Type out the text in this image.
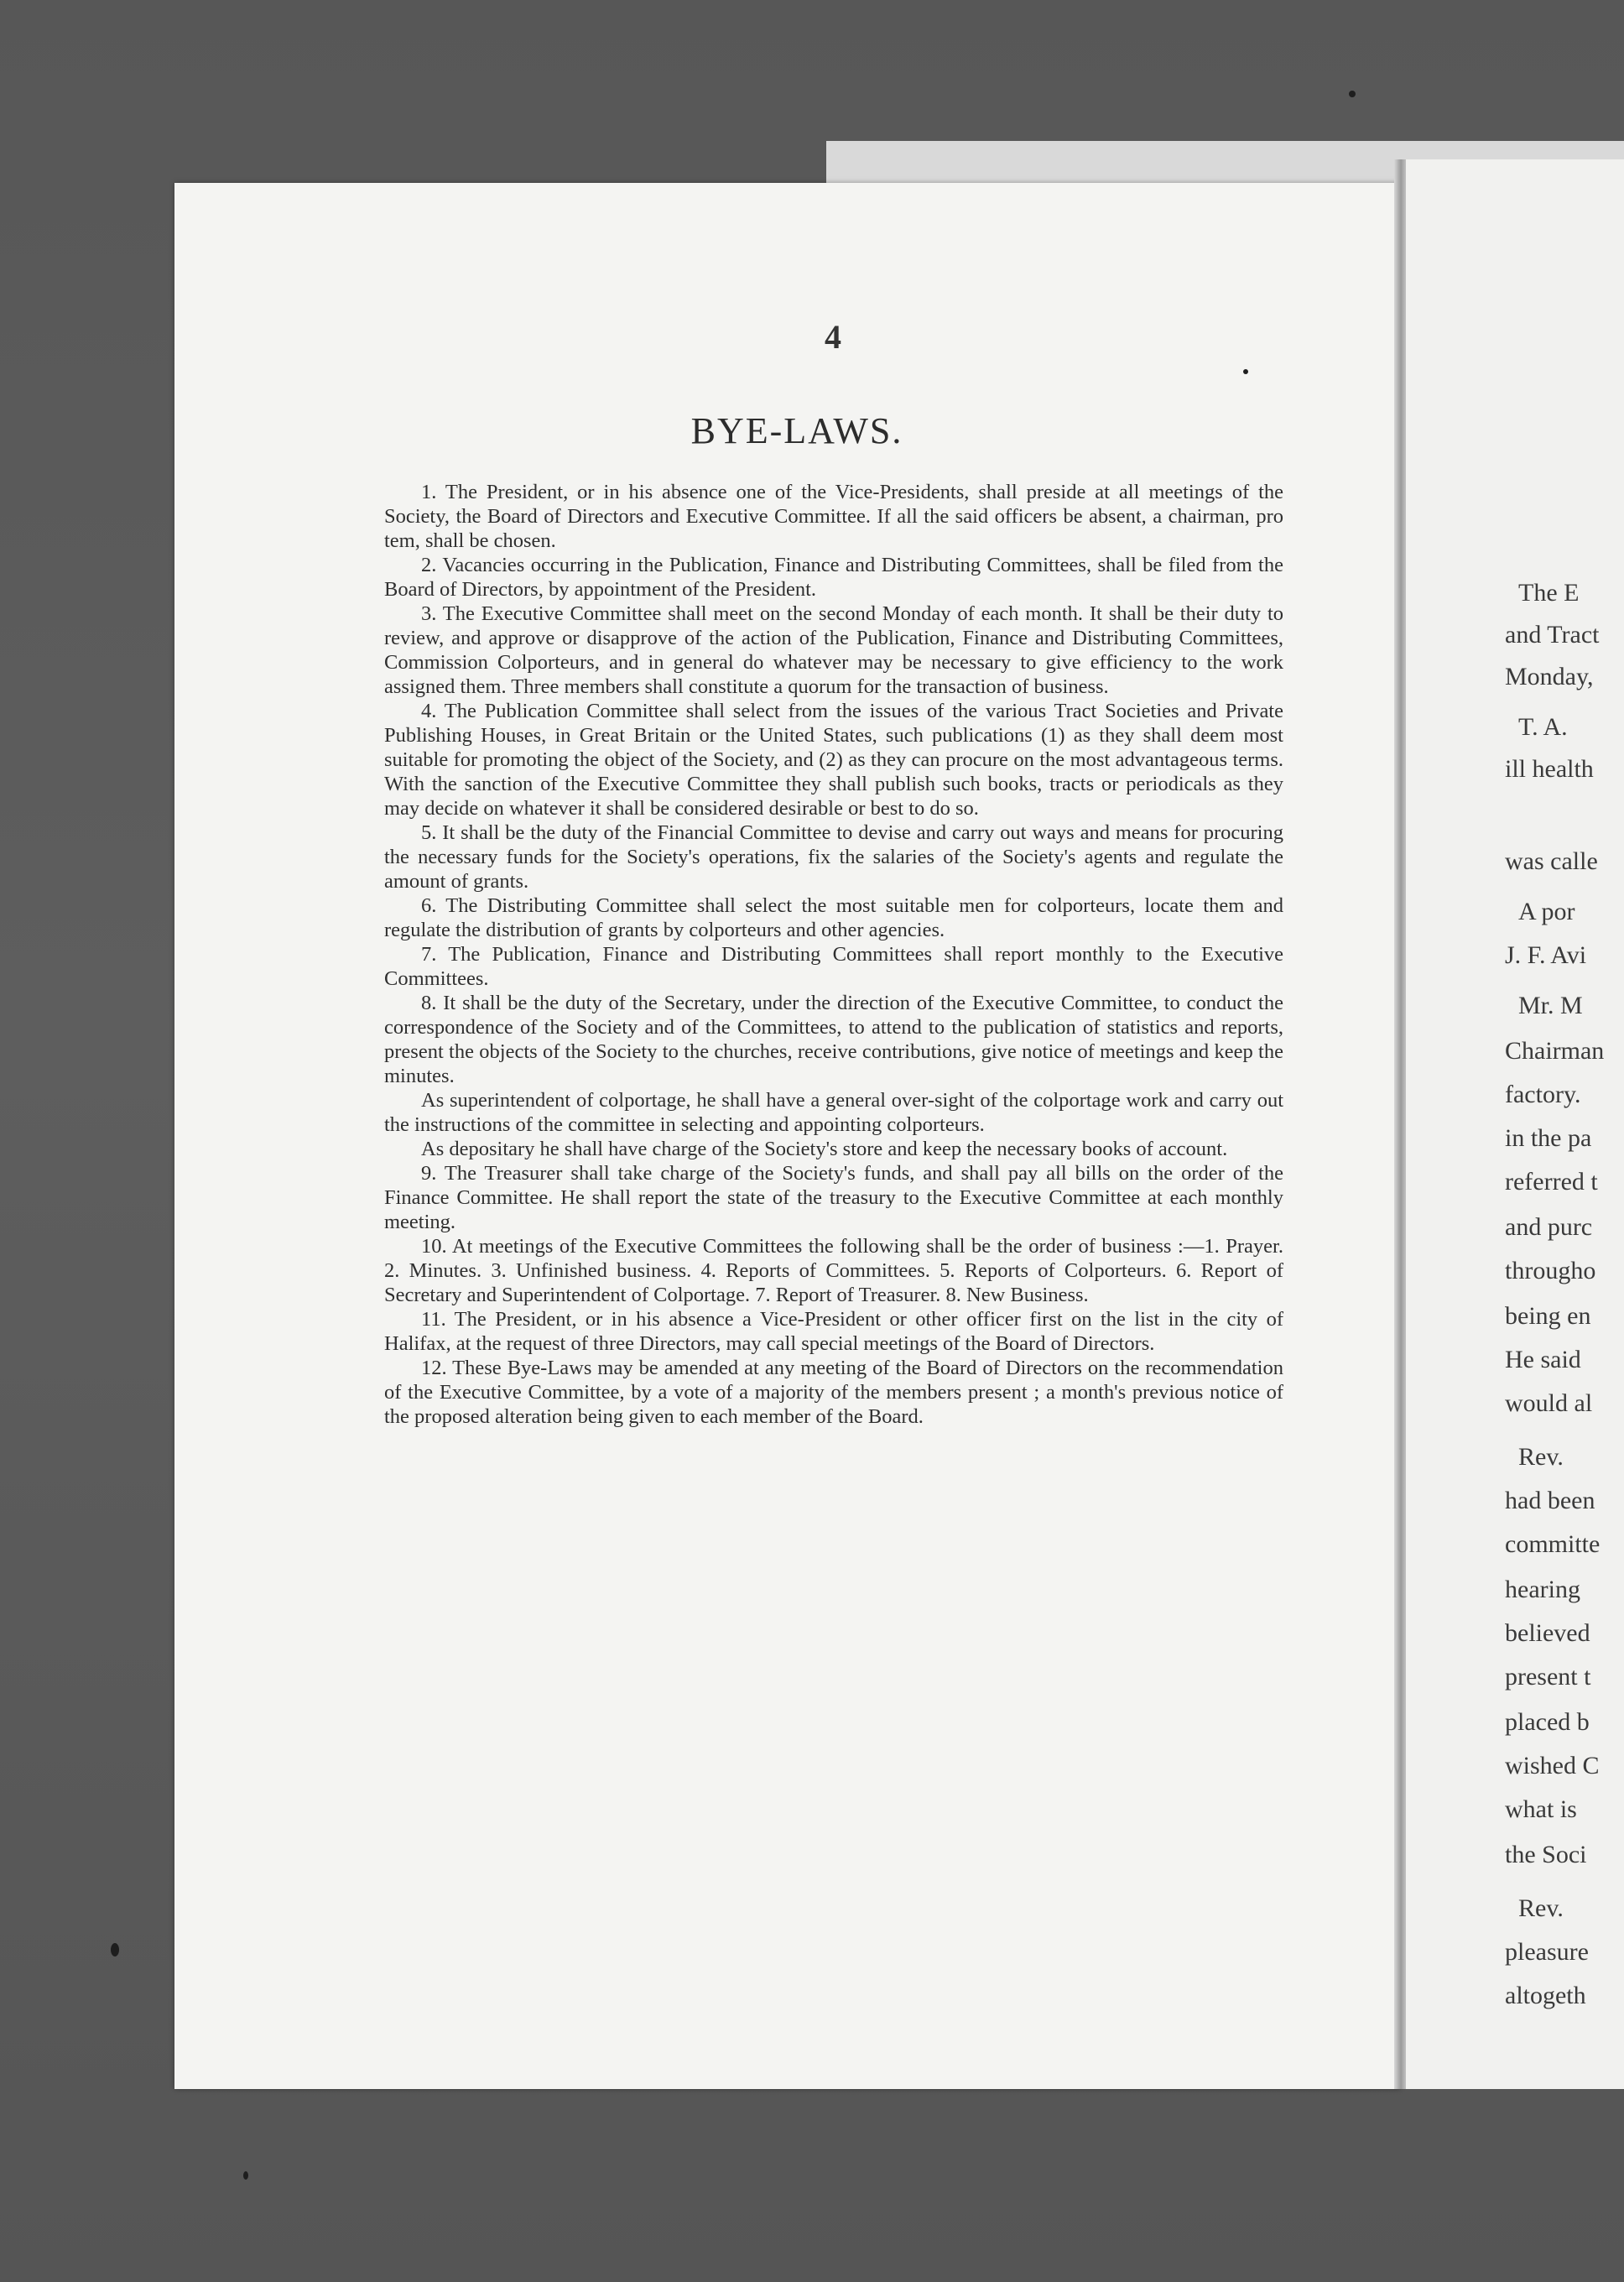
4
BYE-LAWS.

1. The President, or in his absence one of the Vice-Presidents, shall preside at all meetings of the Society, the Board of Directors and Executive Committee. If all the said officers be absent, a chairman, pro tem, shall be chosen.

2. Vacancies occurring in the Publication, Finance and Distributing Committees, shall be filed from the Board of Directors, by appointment of the President.

3. The Executive Committee shall meet on the second Monday of each month. It shall be their duty to review, and approve or disapprove of the action of the Publication, Finance and Distributing Committees, Commission Colporteurs, and in general do whatever may be necessary to give efficiency to the work assigned them. Three members shall constitute a quorum for the transaction of business.

4. The Publication Committee shall select from the issues of the various Tract Societies and Private Publishing Houses, in Great Britain or the United States, such publications (1) as they shall deem most suitable for promoting the object of the Society, and (2) as they can procure on the most advantageous terms. With the sanction of the Executive Committee they shall publish such books, tracts or periodicals as they may decide on whatever it shall be considered desirable or best to do so.

5. It shall be the duty of the Financial Committee to devise and carry out ways and means for procuring the necessary funds for the Society's operations, fix the salaries of the Society's agents and regulate the amount of grants.

6. The Distributing Committee shall select the most suitable men for colporteurs, locate them and regulate the distribution of grants by colporteurs and other agencies.

7. The Publication, Finance and Distributing Committees shall report monthly to the Executive Committees.

8. It shall be the duty of the Secretary, under the direction of the Executive Committee, to conduct the correspondence of the Society and of the Committees, to attend to the publication of statistics and reports, present the objects of the Society to the churches, receive contributions, give notice of meetings and keep the minutes.

As superintendent of colportage, he shall have a general over-sight of the colportage work and carry out the instructions of the committee in selecting and appointing colporteurs.

As depositary he shall have charge of the Society's store and keep the necessary books of account.

9. The Treasurer shall take charge of the Society's funds, and shall pay all bills on the order of the Finance Committee. He shall report the state of the treasury to the Executive Committee at each monthly meeting.

10. At meetings of the Executive Committees the following shall be the order of business :—1. Prayer. 2. Minutes. 3. Unfinished business. 4. Reports of Committees. 5. Reports of Colporteurs. 6. Report of Secretary and Superintendent of Colportage. 7. Report of Treasurer. 8. New Business.

11. The President, or in his absence a Vice-President or other officer first on the list in the city of Halifax, at the request of three Directors, may call special meetings of the Board of Directors.

12. These Bye-Laws may be amended at any meeting of the Board of Directors on the recommendation of the Executive Committee, by a vote of a majority of the members present ; a month's previous notice of the proposed alteration being given to each member of the Board.

The E
and Tract
Monday,
T. A.
ill health
was calle
A por
J. F. Avi
Mr. M
Chairman
factory.
in the pa
referred t
and purc
througho
being en
He said
would al
Rev.
had been
committe
hearing
believed
present t
placed b
wished C
what is
the Soci
Rev.
pleasure
altogeth
